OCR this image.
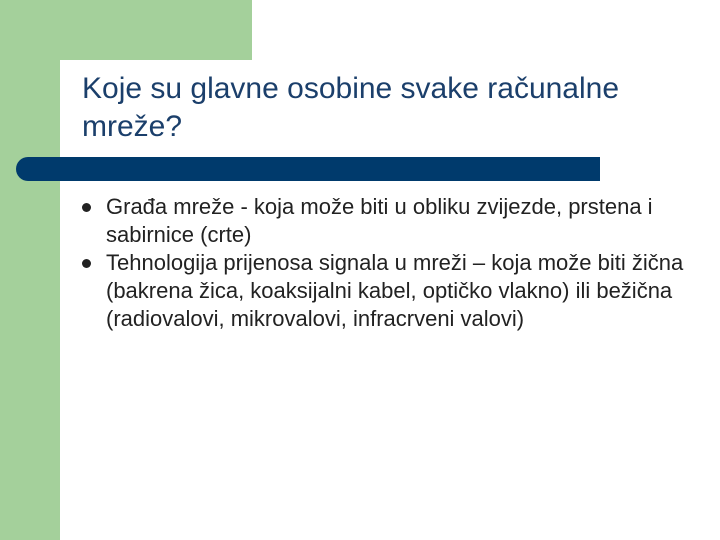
Koje su glavne osobine svake računalne mreže?
Građa mreže - koja može biti u obliku zvijezde, prstena i sabirnice (crte)
Tehnologija prijenosa signala u mreži – koja može biti žična (bakrena žica, koaksijalni kabel, optičko vlakno) ili bežična (radiovalovi, mikrovalovi, infracrveni valovi)
